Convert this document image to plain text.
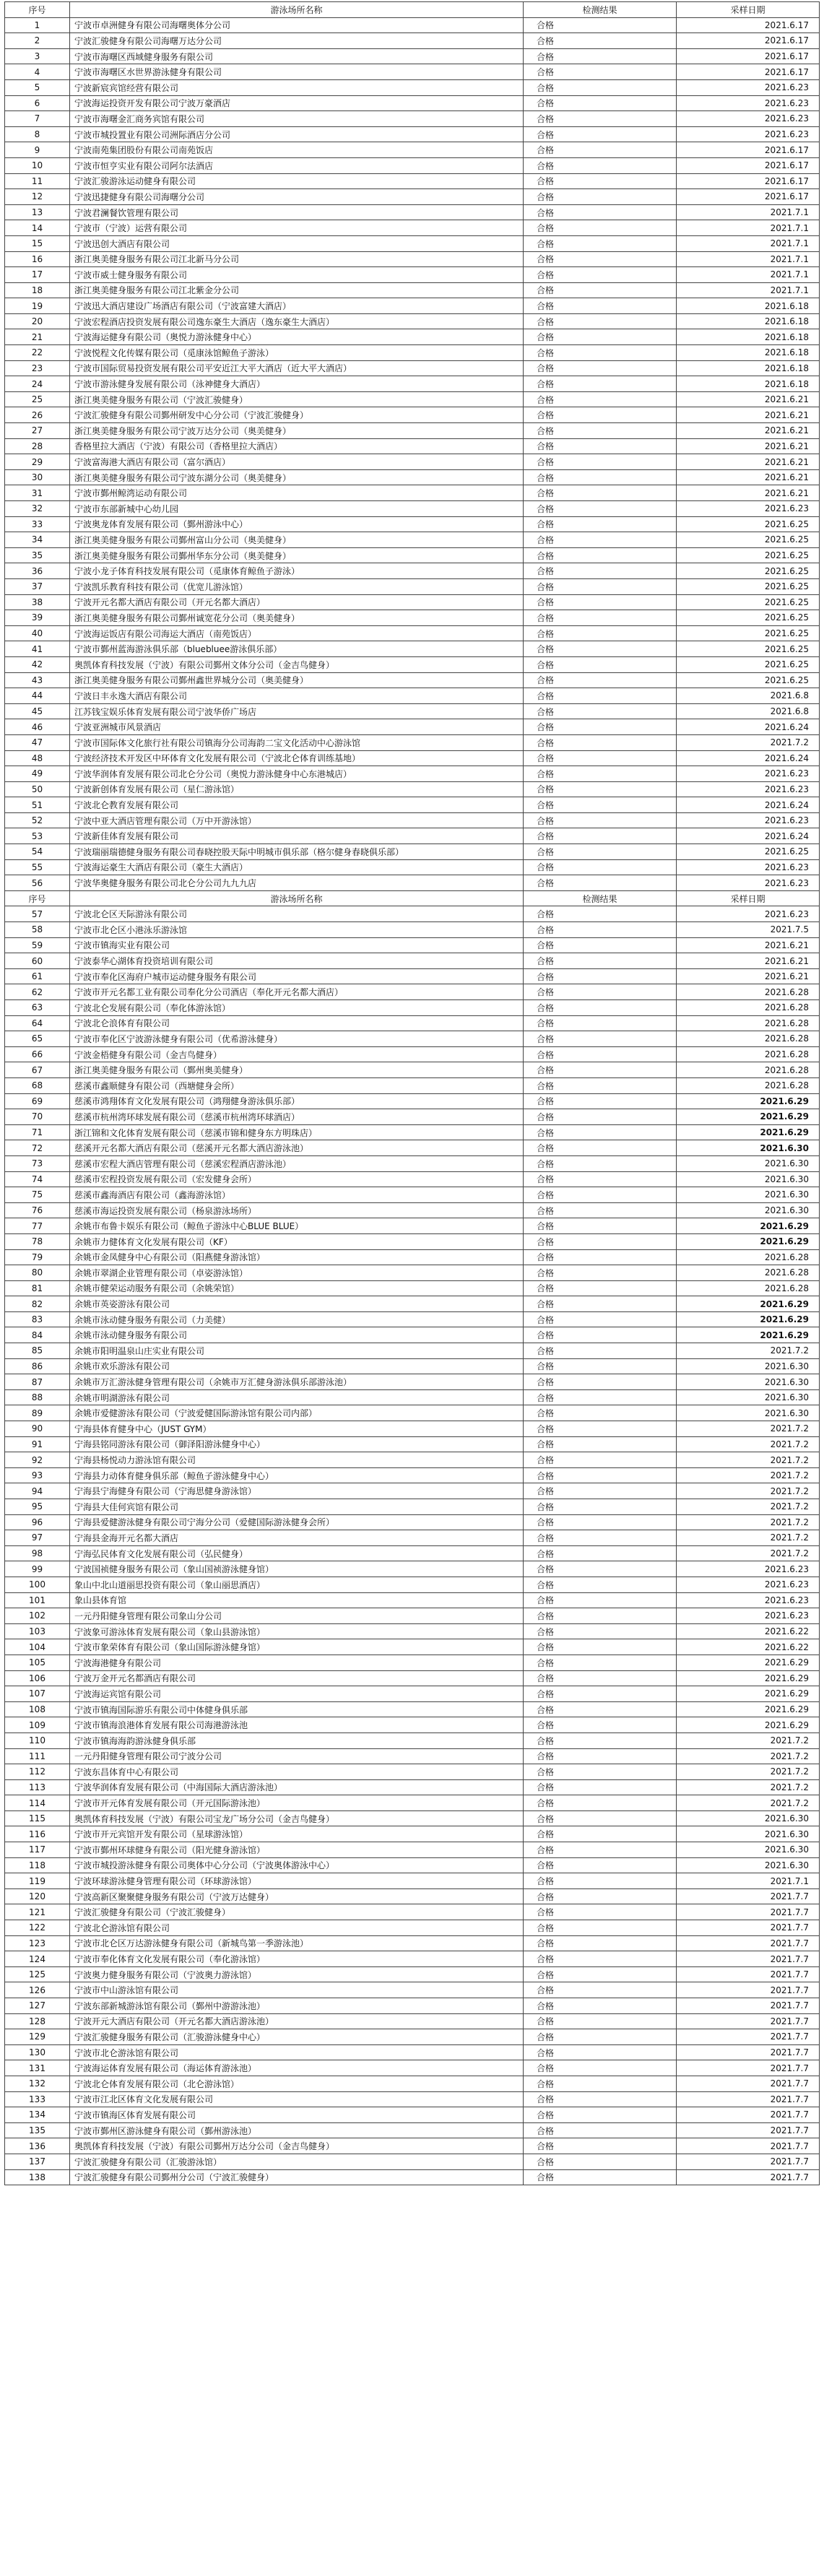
序号	游泳场所名称	检测结果	采样日期
1	宁波市卓洲健身有限公司海曙奥体分公司	合格	2021.6.17
2	宁波汇骏健身有限公司海曙万达分公司	合格	2021.6.17
3	宁波市海曙区西域健身服务有限公司	合格	2021.6.17
4	宁波市海曙区水世界游泳健身有限公司	合格	2021.6.17
5	宁波新宸宾馆经营有限公司	合格	2021.6.23
6	宁波海运投资开发有限公司宁波万豪酒店	合格	2021.6.23
7	宁波市海曙金汇商务宾馆有限公司	合格	2021.6.23
8	宁波市城投置业有限公司洲际酒店分公司	合格	2021.6.23
9	宁波南苑集团股份有限公司南苑饭店	合格	2021.6.17
10	宁波市恒亨实业有限公司阿尔法酒店	合格	2021.6.17
11	宁波汇骏游泳运动健身有限公司	合格	2021.6.17
12	宁波迅捷健身有限公司海曙分公司	合格	2021.6.17
13	宁波君澜餐饮管理有限公司	合格	2021.7.1
14	宁波市（宁波）运营有限公司	合格	2021.7.1
15	宁波迅创大酒店有限公司	合格	2021.7.1
16	浙江奥美健身服务有限公司江北新马分公司	合格	2021.7.1
17	宁波市威士健身服务有限公司	合格	2021.7.1
18	浙江奥美健身服务有限公司江北紫金分公司	合格	2021.7.1
19	宁波迅大酒店建设广场酒店有限公司（宁波富建大酒店）	合格	2021.6.18
20	宁波宏程酒店投资发展有限公司逸东豪生大酒店（逸东豪生大酒店）	合格	2021.6.18
21	宁波海运健身有限公司（奥悦力游泳健身中心）	合格	2021.6.18
22	宁波悦程文化传媒有限公司（觅康泳馆鲸鱼子游泳）	合格	2021.6.18
23	宁波市国际贸易投资发展有限公司平安近江大平大酒店（近大平大酒店）	合格	2021.6.18
24	宁波市游泳健身发展有限公司（泳神健身大酒店）	合格	2021.6.18
25	浙江奥美健身服务有限公司（宁波汇骏健身）	合格	2021.6.21
26	宁波汇骏健身有限公司鄞州研发中心分公司（宁波汇骏健身）	合格	2021.6.21
27	浙江奥美健身服务有限公司宁波万达分公司（奥美健身）	合格	2021.6.21
28	香格里拉大酒店（宁波）有限公司（香格里拉大酒店）	合格	2021.6.21
29	宁波富海港大酒店有限公司（富尔酒店）	合格	2021.6.21
30	浙江奥美健身服务有限公司宁波东湖分公司（奥美健身）	合格	2021.6.21
31	宁波市鄞州鲸湾运动有限公司	合格	2021.6.21
32	宁波市东部新城中心幼儿园	合格	2021.6.23
33	宁波奥龙体育发展有限公司（鄞州游泳中心）	合格	2021.6.25
34	浙江奥美健身服务有限公司鄞州富山分公司（奥美健身）	合格	2021.6.25
35	浙江奥美健身服务有限公司鄞州华东分公司（奥美健身）	合格	2021.6.25
36	宁波小龙子体育科技发展有限公司（觅康体育鲸鱼子游泳）	合格	2021.6.25
37	宁波凯乐教育科技有限公司（优宽儿游泳馆）	合格	2021.6.25
38	宁波开元名都大酒店有限公司（开元名都大酒店）	合格	2021.6.25
39	浙江奥美健身服务有限公司鄞州诚宽花分公司（奥美健身）	合格	2021.6.25
40	宁波海运饭店有限公司海运大酒店（南苑饭店）	合格	2021.6.25
41	宁波市鄞州蓝海游泳俱乐部（bluebluee游泳俱乐部）	合格	2021.6.25
42	奥凯体育科技发展（宁波）有限公司鄞州文体分公司（金吉鸟健身）	合格	2021.6.25
43	浙江奥美健身服务有限公司鄞州鑫世界城分公司（奥美健身）	合格	2021.6.25
44	宁波日丰永逸大酒店有限公司	合格	2021.6.8
45	江苏钱宝娱乐体育发展有限公司宁波华侨广场店	合格	2021.6.8
46	宁波亚洲城市风景酒店	合格	2021.6.24
47	宁波市国际体文化旅行社有限公司镇海分公司海韵二宝文化活动中心游泳馆	合格	2021.7.2
48	宁波经济技术开发区中环体育文化发展有限公司（宁波北仑体育训练基地）	合格	2021.6.24
49	宁波华润体育发展有限公司北仑分公司（奥悦力游泳健身中心东港城店）	合格	2021.6.23
50	宁波新创体育发展有限公司（星仁游泳馆）	合格	2021.6.23
51	宁波北仑教育发展有限公司	合格	2021.6.24
52	宁波中亚大酒店管理有限公司（万中开游泳馆）	合格	2021.6.23
53	宁波新佳体育发展有限公司	合格	2021.6.24
54	宁波瑞丽瑞德健身服务有限公司春晓控股天际中明城市俱乐部（格尔健身春晓俱乐部）	合格	2021.6.25
55	宁波海运豪生大酒店有限公司（豪生大酒店）	合格	2021.6.23
56	宁波华奥健身服务有限公司北仑分公司九九九店	合格	2021.6.23
序号	游泳场所名称	检测结果	采样日期
57	宁波北仑区天际游泳有限公司	合格	2021.6.23
58	宁波市北仑区小港泳乐游泳馆	合格	2021.7.5
59	宁波市镇海实业有限公司	合格	2021.6.21
60	宁波泰华心湖体育投资培训有限公司	合格	2021.6.21
61	宁波市奉化区海府户城市运动健身服务有限公司	合格	2021.6.21
62	宁波市开元名都工业有限公司奉化分公司酒店（奉化开元名都大酒店）	合格	2021.6.28
63	宁波北仑发展有限公司（奉化体游泳馆）	合格	2021.6.28
64	宁波北仑浪体育有限公司	合格	2021.6.28
65	宁波市奉化区宁波游泳健身有限公司（优希游泳健身）	合格	2021.6.28
66	宁波金梧健身有限公司（金吉鸟健身）	合格	2021.6.28
67	浙江奥美健身服务有限公司（鄞州奥美健身）	合格	2021.6.28
68	慈溪市鑫顺健身有限公司（西塘健身会所）	合格	2021.6.28
69	慈溪市鸿翔体育文化发展有限公司（鸿翔健身游泳俱乐部）	合格	2021.6.29
70	慈溪市杭州湾环球发展有限公司（慈溪市杭州湾环球酒店）	合格	2021.6.29
71	浙江锦和文化体育发展有限公司（慈溪市锦和健身东方明珠店）	合格	2021.6.29
72	慈溪开元名都大酒店有限公司（慈溪开元名都大酒店游泳池）	合格	2021.6.30
73	慈溪市宏程大酒店管理有限公司（慈溪宏程酒店游泳池）	合格	2021.6.30
74	慈溪市宏程投资发展有限公司（宏发健身会所）	合格	2021.6.30
75	慈溪市鑫海酒店有限公司（鑫海游泳馆）	合格	2021.6.30
76	慈溪市海运投资发展有限公司（杨泉游泳场所）	合格	2021.6.30
77	余姚市布鲁卡娱乐有限公司（鲸鱼子游泳中心BLUE BLUE）	合格	2021.6.29
78	余姚市力健体育文化发展有限公司（KF）	合格	2021.6.29
79	余姚市金凤健身中心有限公司（阳燕健身游泳馆）	合格	2021.6.28
80	余姚市翠湖企业管理有限公司（卓姿游泳馆）	合格	2021.6.28
81	余姚市健荣运动服务有限公司（余姚荣馆）	合格	2021.6.28
82	余姚市英姿游泳有限公司	合格	2021.6.29
83	余姚市泳动健身服务有限公司（力美健）	合格	2021.6.29
84	余姚市泳动健身服务有限公司	合格	2021.6.29
85	余姚市阳明温泉山庄实业有限公司	合格	2021.7.2
86	余姚市欢乐游泳有限公司	合格	2021.6.30
87	余姚市万汇游泳健身管理有限公司（余姚市万汇健身游泳俱乐部游泳池）	合格	2021.6.30
88	余姚市明湖游泳有限公司	合格	2021.6.30
89	余姚市爱健游泳有限公司（宁波爱健国际游泳馆有限公司内部）	合格	2021.6.30
90	宁海县体育健身中心（JUST GYM）	合格	2021.7.2
91	宁海县铭同游泳有限公司（御泽阳游泳健身中心）	合格	2021.7.2
92	宁海县杨悦动力游泳馆有限公司	合格	2021.7.2
93	宁海县力动体育健身俱乐部（鲸鱼子游泳健身中心）	合格	2021.7.2
94	宁海县宁海健身有限公司（宁海思健身游泳馆）	合格	2021.7.2
95	宁海县大佳何宾馆有限公司	合格	2021.7.2
96	宁海县爱健游泳健身有限公司宁海分公司（爱健国际游泳健身会所）	合格	2021.7.2
97	宁海县金海开元名都大酒店	合格	2021.7.2
98	宁海弘民体育文化发展有限公司（弘民健身）	合格	2021.7.2
99	宁波国祯健身服务有限公司（象山国祯游泳健身馆）	合格	2021.6.23
100	象山中北山道丽思投资有限公司（象山丽思酒店）	合格	2021.6.23
101	象山县体育馆	合格	2021.6.23
102	一元丹阳健身管理有限公司象山分公司	合格	2021.6.23
103	宁波象可游泳体育发展有限公司（象山县游泳馆）	合格	2021.6.22
104	宁波市象荣体育有限公司（象山国际游泳健身馆）	合格	2021.6.22
105	宁波海港健身有限公司	合格	2021.6.29
106	宁波万金开元名都酒店有限公司	合格	2021.6.29
107	宁波海运宾馆有限公司	合格	2021.6.29
108	宁波市镇海国际游乐有限公司中体健身俱乐部	合格	2021.6.29
109	宁波市镇海浪港体育发展有限公司海港游泳池	合格	2021.6.29
110	宁波市镇海海韵游泳健身俱乐部	合格	2021.7.2
111	一元丹阳健身管理有限公司宁波分公司	合格	2021.7.2
112	宁波东昌体育中心有限公司	合格	2021.7.2
113	宁波华润体育发展有限公司（中海国际大酒店游泳池）	合格	2021.7.2
114	宁波市开元体育发展有限公司（开元国际游泳池）	合格	2021.7.2
115	奥凯体育科技发展（宁波）有限公司宝龙广场分公司（金吉鸟健身）	合格	2021.6.30
116	宁波市开元宾馆开发有限公司（星球游泳馆）	合格	2021.6.30
117	宁波市鄞州环球健身有限公司（阳光健身游泳馆）	合格	2021.6.30
118	宁波市城投游泳健身有限公司奥体中心分公司（宁波奥体游泳中心）	合格	2021.6.30
119	宁波环球游泳健身管理有限公司（环球游泳馆）	合格	2021.7.1
120	宁波高新区聚聚健身服务有限公司（宁波万达健身）	合格	2021.7.7
121	宁波汇骏健身有限公司（宁波汇骏健身）	合格	2021.7.7
122	宁波北仑游泳馆有限公司	合格	2021.7.7
123	宁波市北仑区万达游泳健身有限公司（新城鸟第一季游泳池）	合格	2021.7.7
124	宁波市奉化体育文化发展有限公司（奉化游泳馆）	合格	2021.7.7
125	宁波奥力健身服务有限公司（宁波奥力游泳馆）	合格	2021.7.7
126	宁波市中山游泳馆有限公司	合格	2021.7.7
127	宁波东部新城游泳馆有限公司（鄞州中游游泳池）	合格	2021.7.7
128	宁波开元大酒店有限公司（开元名都大酒店游泳池）	合格	2021.7.7
129	宁波汇骏健身服务有限公司（汇骏游泳健身中心）	合格	2021.7.7
130	宁波市北仑游泳馆有限公司	合格	2021.7.7
131	宁波海运体育发展有限公司（海运体育游泳池）	合格	2021.7.7
132	宁波北仑体育发展有限公司（北仑游泳馆）	合格	2021.7.7
133	宁波市江北区体育文化发展有限公司	合格	2021.7.7
134	宁波市镇海区体育发展有限公司	合格	2021.7.7
135	宁波市鄞州区游泳健身有限公司（鄞州游泳池）	合格	2021.7.7
136	奥凯体育科技发展（宁波）有限公司鄞州万达分公司（金吉鸟健身）	合格	2021.7.7
137	宁波汇骏健身有限公司（汇骏游泳馆）	合格	2021.7.7
138	宁波汇骏健身有限公司鄞州分公司（宁波汇骏健身）	合格	2021.7.7
